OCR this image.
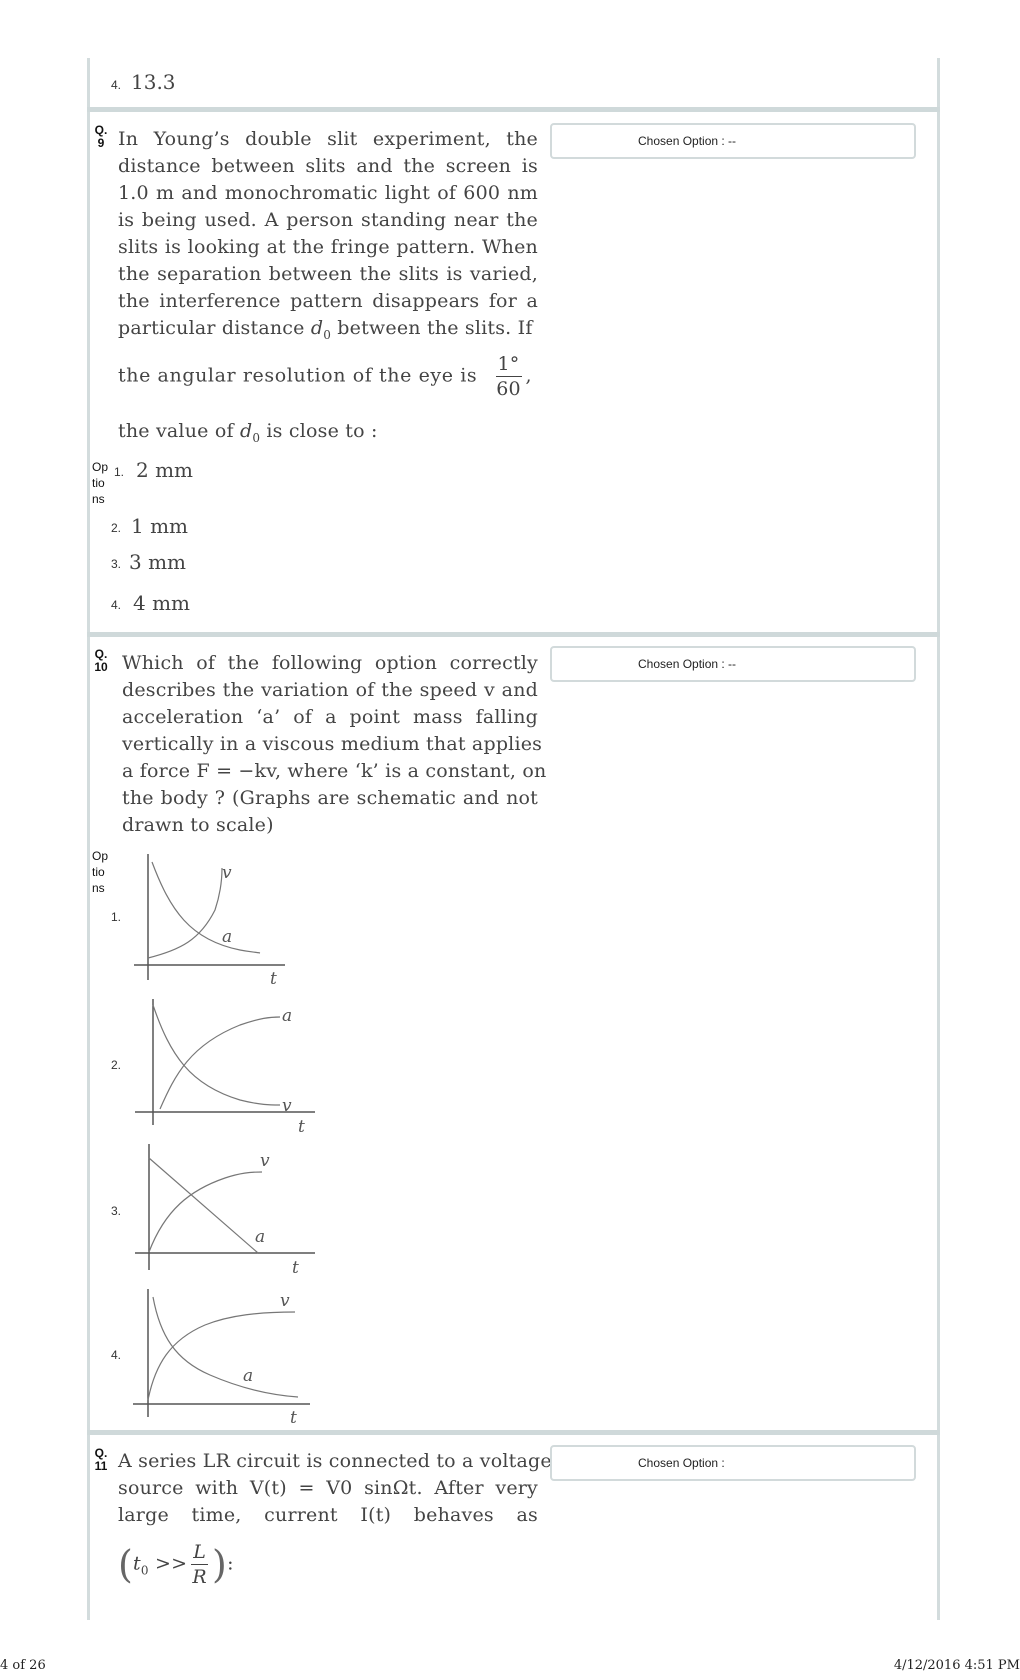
4. 13.3
Q.
9 In Young’s double slit experiment, the
distance between slits and the screen is
1.0 m and monochromatic light of 600 nm
is being used. A person standing near the
slits is looking at the fringe pattern. When
the separation between the slits is varied,
the interference pattern disappears for a
particular distance $d_0$ between the slits. If
the angular resolution of the eye is $\frac{1^\circ}{60}$ ,
the value of $d_0$ is close to :
Chosen Option : --
Op
tio
ns
1. 2 mm
2. 1 mm
3. 3 mm
4. 4 mm
Q.
10 Which of the following option correctly
describes the variation of the speed v and
acceleration ‘a’ of a point mass falling
vertically in a viscous medium that applies
a force F = −kv, where ‘k’ is a constant, on
the body ? (Graphs are schematic and not
drawn to scale)
Chosen Option : --
Op
tio
ns
1.
v
a
t
2.
a
v
t
3.
v
a
t
4.
v
a
t
Q.
11 A series LR circuit is connected to a voltage
source with V(t) = V0 sinΩt. After very
large time, current I(t) behaves as
($t_0 >> \frac{L}{R}$ ):
Chosen Option :
4 of 26	4/12/2016 4:51 PM
